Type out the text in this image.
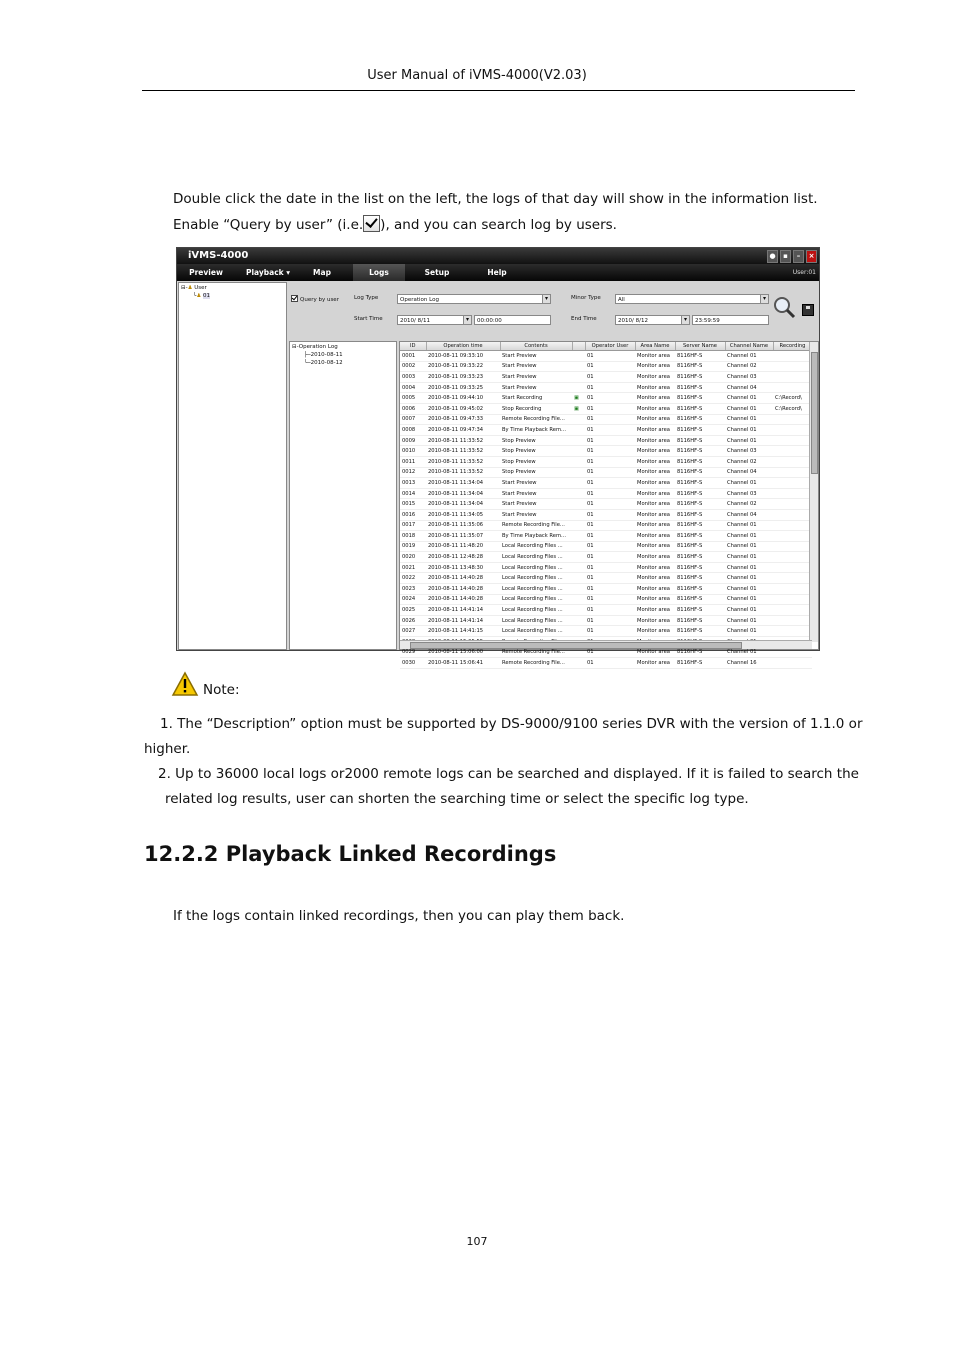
User Manual of iVMS-4000(V2.03)
Double click the date in the list on the left, the logs of that day will show in the information list.
Enable “Query by user” (i.e. ), and you can search log by users.
iVMS-4000	●	▪	–	×
Preview	Playback ▾	Map	Logs	Setup	Help	User:01
⊟-♟ User
└♟ 01
Query by user	Log Type	Operation Log ▾	Minor Type	All ▾
Start Time	2010/ 8/11 ▾	00:00:00	End Time	2010/ 8/12 ▾	23:59:59
⊟-Operation Log
├─2010-08-11
└─2010-08-12
ID	Operation time	Contents		Operator User	Area Name	Server Name	Channel Name	Recording
0001	2010-08-11 09:33:10	Start Preview		01	Monitor area	8116HF-S	Channel 01	
0002	2010-08-11 09:33:22	Start Preview		01	Monitor area	8116HF-S	Channel 02	
0003	2010-08-11 09:33:23	Start Preview		01	Monitor area	8116HF-S	Channel 03	
0004	2010-08-11 09:33:25	Start Preview		01	Monitor area	8116HF-S	Channel 04	
0005	2010-08-11 09:44:10	Start Recording	▣	01	Monitor area	8116HF-S	Channel 01	C:\Record\
0006	2010-08-11 09:45:02	Stop Recording	▣	01	Monitor area	8116HF-S	Channel 01	C:\Record\
0007	2010-08-11 09:47:33	Remote Recording File...		01	Monitor area	8116HF-S	Channel 01	
0008	2010-08-11 09:47:34	By Time Playback Rem...		01	Monitor area	8116HF-S	Channel 01	
0009	2010-08-11 11:33:52	Stop Preview		01	Monitor area	8116HF-S	Channel 01	
0010	2010-08-11 11:33:52	Stop Preview		01	Monitor area	8116HF-S	Channel 03	
0011	2010-08-11 11:33:52	Stop Preview		01	Monitor area	8116HF-S	Channel 02	
0012	2010-08-11 11:33:52	Stop Preview		01	Monitor area	8116HF-S	Channel 04	
0013	2010-08-11 11:34:04	Start Preview		01	Monitor area	8116HF-S	Channel 01	
0014	2010-08-11 11:34:04	Start Preview		01	Monitor area	8116HF-S	Channel 03	
0015	2010-08-11 11:34:04	Start Preview		01	Monitor area	8116HF-S	Channel 02	
0016	2010-08-11 11:34:05	Start Preview		01	Monitor area	8116HF-S	Channel 04	
0017	2010-08-11 11:35:06	Remote Recording File...		01	Monitor area	8116HF-S	Channel 01	
0018	2010-08-11 11:35:07	By Time Playback Rem...		01	Monitor area	8116HF-S	Channel 01	
0019	2010-08-11 11:48:20	Local Recording Files ...		01	Monitor area	8116HF-S	Channel 01	
0020	2010-08-11 12:48:28	Local Recording Files ...		01	Monitor area	8116HF-S	Channel 01	
0021	2010-08-11 13:48:30	Local Recording Files ...		01	Monitor area	8116HF-S	Channel 01	
0022	2010-08-11 14:40:28	Local Recording Files ...		01	Monitor area	8116HF-S	Channel 01	
0023	2010-08-11 14:40:28	Local Recording Files ...		01	Monitor area	8116HF-S	Channel 01	
0024	2010-08-11 14:40:28	Local Recording Files ...		01	Monitor area	8116HF-S	Channel 01	
0025	2010-08-11 14:41:14	Local Recording Files ...		01	Monitor area	8116HF-S	Channel 01	
0026	2010-08-11 14:41:14	Local Recording Files ...		01	Monitor area	8116HF-S	Channel 01	
0027	2010-08-11 14:41:15	Local Recording Files ...		01	Monitor area	8116HF-S	Channel 01	

0029	2010-08-11 15:06:00	Remote Recording File...		01	Monitor area	8116HF-S	Channel 01	
0030	2010-08-11 15:06:41	Remote Recording File...		01	Monitor area	8116HF-S	Channel 16	
Note:
1. The “Description” option must be supported by DS-9000/9100 series DVR with the version of 1.1.0 or
higher.
2. Up to 36000 local logs or2000 remote logs can be searched and displayed. If it is failed to search the
related log results, user can shorten the searching time or select the specific log type.
12.2.2 Playback Linked Recordings
If the logs contain linked recordings, then you can play them back.
107
